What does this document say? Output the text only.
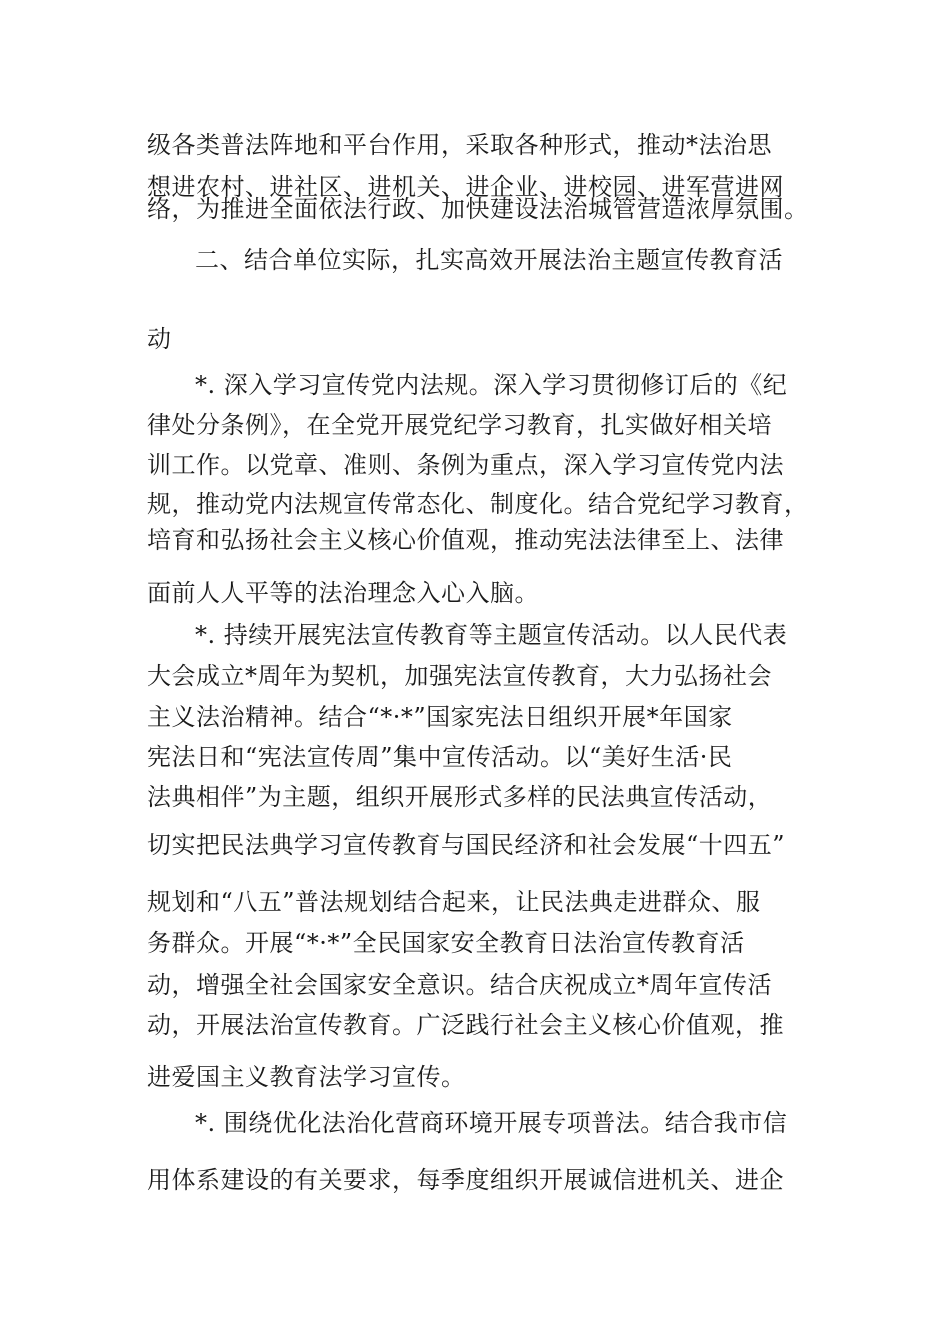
级各类普法阵地和平台作用，采取各种形式，推动*法治思
想进农村、进社区、进机关、进企业、进校园、进军营进网
络，为推进全面依法行政、加快建设法治城管营造浓厚氛围。
二、结合单位实际，扎实高效开展法治主题宣传教育活
动
*. 深入学习宣传党内法规。深入学习贯彻修订后的《纪
律处分条例》，在全党开展党纪学习教育，扎实做好相关培
训工作。以党章、准则、条例为重点，深入学习宣传党内法
规，推动党内法规宣传常态化、制度化。结合党纪学习教育，
培育和弘扬社会主义核心价值观，推动宪法法律至上、法律
面前人人平等的法治理念入心入脑。
*. 持续开展宪法宣传教育等主题宣传活动。以人民代表
大会成立*周年为契机，加强宪法宣传教育，大力弘扬社会
主义法治精神。结合“*·*”国家宪法日组织开展*年国家
宪法日和“宪法宣传周”集中宣传活动。以“美好生活·民
法典相伴”为主题，组织开展形式多样的民法典宣传活动，
切实把民法典学习宣传教育与国民经济和社会发展“十四五”
规划和“八五”普法规划结合起来，让民法典走进群众、服
务群众。开展“*·*”全民国家安全教育日法治宣传教育活
动，增强全社会国家安全意识。结合庆祝成立*周年宣传活
动，开展法治宣传教育。广泛践行社会主义核心价值观，推
进爱国主义教育法学习宣传。
*. 围绕优化法治化营商环境开展专项普法。结合我市信
用体系建设的有关要求，每季度组织开展诚信进机关、进企
